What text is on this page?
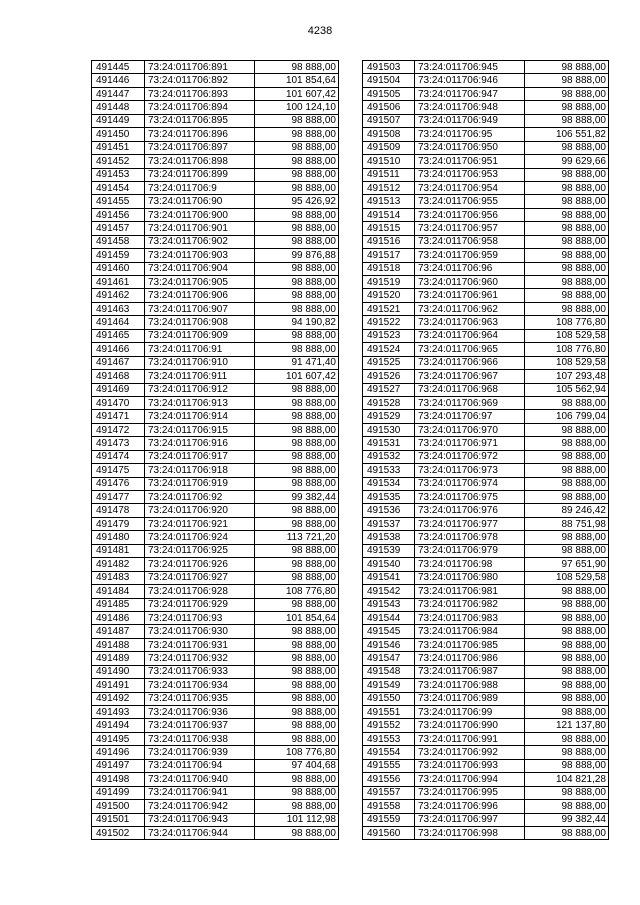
4238
491445	73:24:011706:891	98 888,00
491446	73:24:011706:892	101 854,64
491447	73:24:011706:893	101 607,42
491448	73:24:011706:894	100 124,10
491449	73:24:011706:895	98 888,00
491450	73:24:011706:896	98 888,00
491451	73:24:011706:897	98 888,00
491452	73:24:011706:898	98 888,00
491453	73:24:011706:899	98 888,00
491454	73:24:011706:9	98 888,00
491455	73:24:011706:90	95 426,92
491456	73:24:011706:900	98 888,00
491457	73:24:011706:901	98 888,00
491458	73:24:011706:902	98 888,00
491459	73:24:011706:903	99 876,88
491460	73:24:011706:904	98 888,00
491461	73:24:011706:905	98 888,00
491462	73:24:011706:906	98 888,00
491463	73:24:011706:907	98 888,00
491464	73:24:011706:908	94 190,82
491465	73:24:011706:909	98 888,00
491466	73:24:011706:91	98 888,00
491467	73:24:011706:910	91 471,40
491468	73:24:011706:911	101 607,42
491469	73:24:011706:912	98 888,00
491470	73:24:011706:913	98 888,00
491471	73:24:011706:914	98 888,00
491472	73:24:011706:915	98 888,00
491473	73:24:011706:916	98 888,00
491474	73:24:011706:917	98 888,00
491475	73:24:011706:918	98 888,00
491476	73:24:011706:919	98 888,00
491477	73:24:011706:92	99 382,44
491478	73:24:011706:920	98 888,00
491479	73:24:011706:921	98 888,00
491480	73:24:011706:924	113 721,20
491481	73:24:011706:925	98 888,00
491482	73:24:011706:926	98 888,00
491483	73:24:011706:927	98 888,00
491484	73:24:011706:928	108 776,80
491485	73:24:011706:929	98 888,00
491486	73:24:011706:93	101 854,64
491487	73:24:011706:930	98 888,00
491488	73:24:011706:931	98 888,00
491489	73:24:011706:932	98 888,00
491490	73:24:011706:933	98 888,00
491491	73:24:011706:934	98 888,00
491492	73:24:011706:935	98 888,00
491493	73:24:011706:936	98 888,00
491494	73:24:011706:937	98 888,00
491495	73:24:011706:938	98 888,00
491496	73:24:011706:939	108 776,80
491497	73:24:011706:94	97 404,68
491498	73:24:011706:940	98 888,00
491499	73:24:011706:941	98 888,00
491500	73:24:011706:942	98 888,00
491501	73:24:011706:943	101 112,98
491502	73:24:011706:944	98 888,00
491503	73:24:011706:945	98 888,00
491504	73:24:011706:946	98 888,00
491505	73:24:011706:947	98 888,00
491506	73:24:011706:948	98 888,00
491507	73:24:011706:949	98 888,00
491508	73:24:011706:95	106 551,82
491509	73:24:011706:950	98 888,00
491510	73:24:011706:951	99 629,66
491511	73:24:011706:953	98 888,00
491512	73:24:011706:954	98 888,00
491513	73:24:011706:955	98 888,00
491514	73:24:011706:956	98 888,00
491515	73:24:011706:957	98 888,00
491516	73:24:011706:958	98 888,00
491517	73:24:011706:959	98 888,00
491518	73:24:011706:96	98 888,00
491519	73:24:011706:960	98 888,00
491520	73:24:011706:961	98 888,00
491521	73:24:011706:962	98 888,00
491522	73:24:011706:963	108 776,80
491523	73:24:011706:964	108 529,58
491524	73:24:011706:965	108 776,80
491525	73:24:011706:966	108 529,58
491526	73:24:011706:967	107 293,48
491527	73:24:011706:968	105 562,94
491528	73:24:011706:969	98 888,00
491529	73:24:011706:97	106 799,04
491530	73:24:011706:970	98 888,00
491531	73:24:011706:971	98 888,00
491532	73:24:011706:972	98 888,00
491533	73:24:011706:973	98 888,00
491534	73:24:011706:974	98 888,00
491535	73:24:011706:975	98 888,00
491536	73:24:011706:976	89 246,42
491537	73:24:011706:977	88 751,98
491538	73:24:011706:978	98 888,00
491539	73:24:011706:979	98 888,00
491540	73:24:011706:98	97 651,90
491541	73:24:011706:980	108 529,58
491542	73:24:011706:981	98 888,00
491543	73:24:011706:982	98 888,00
491544	73:24:011706:983	98 888,00
491545	73:24:011706:984	98 888,00
491546	73:24:011706:985	98 888,00
491547	73:24:011706:986	98 888,00
491548	73:24:011706:987	98 888,00
491549	73:24:011706:988	98 888,00
491550	73:24:011706:989	98 888,00
491551	73:24:011706:99	98 888,00
491552	73:24:011706:990	121 137,80
491553	73:24:011706:991	98 888,00
491554	73:24:011706:992	98 888,00
491555	73:24:011706:993	98 888,00
491556	73:24:011706:994	104 821,28
491557	73:24:011706:995	98 888,00
491558	73:24:011706:996	98 888,00
491559	73:24:011706:997	99 382,44
491560	73:24:011706:998	98 888,00
